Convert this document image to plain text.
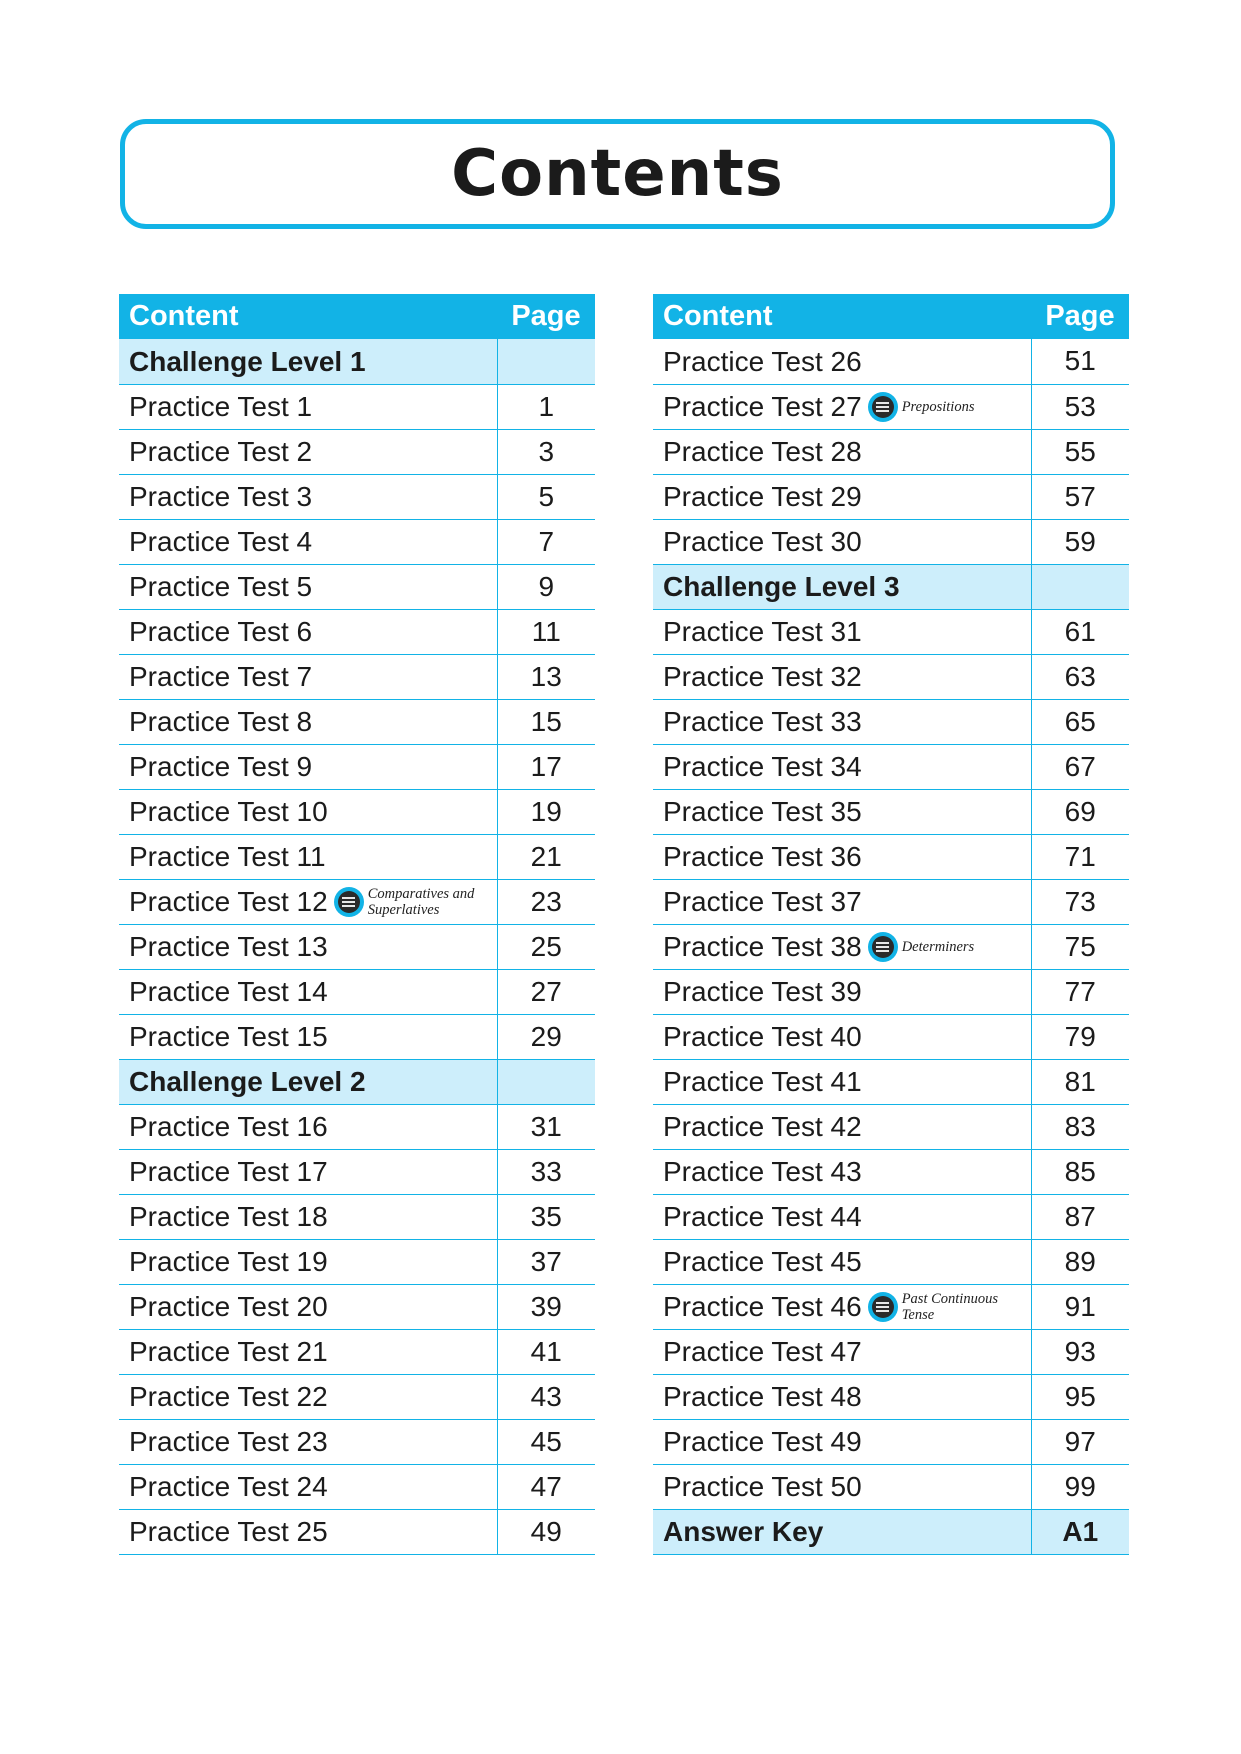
Contents
Content	Page
Challenge Level 1	
Practice Test 1	1
Practice Test 2	3
Practice Test 3	5
Practice Test 4	7
Practice Test 5	9
Practice Test 6	11
Practice Test 7	13
Practice Test 8	15
Practice Test 9	17
Practice Test 10	19
Practice Test 11	21
Practice Test 12 Comparatives and Superlatives	23
Practice Test 13	25
Practice Test 14	27
Practice Test 15	29
Challenge Level 2	
Practice Test 16	31
Practice Test 17	33
Practice Test 18	35
Practice Test 19	37
Practice Test 20	39
Practice Test 21	41
Practice Test 22	43
Practice Test 23	45
Practice Test 24	47
Practice Test 25	49
Content	Page
Practice Test 26	51
Practice Test 27 Prepositions	53
Practice Test 28	55
Practice Test 29	57
Practice Test 30	59
Challenge Level 3	
Practice Test 31	61
Practice Test 32	63
Practice Test 33	65
Practice Test 34	67
Practice Test 35	69
Practice Test 36	71
Practice Test 37	73
Practice Test 38 Determiners	75
Practice Test 39	77
Practice Test 40	79
Practice Test 41	81
Practice Test 42	83
Practice Test 43	85
Practice Test 44	87
Practice Test 45	89
Practice Test 46 Past Continuous Tense	91
Practice Test 47	93
Practice Test 48	95
Practice Test 49	97
Practice Test 50	99
Answer Key	A1
